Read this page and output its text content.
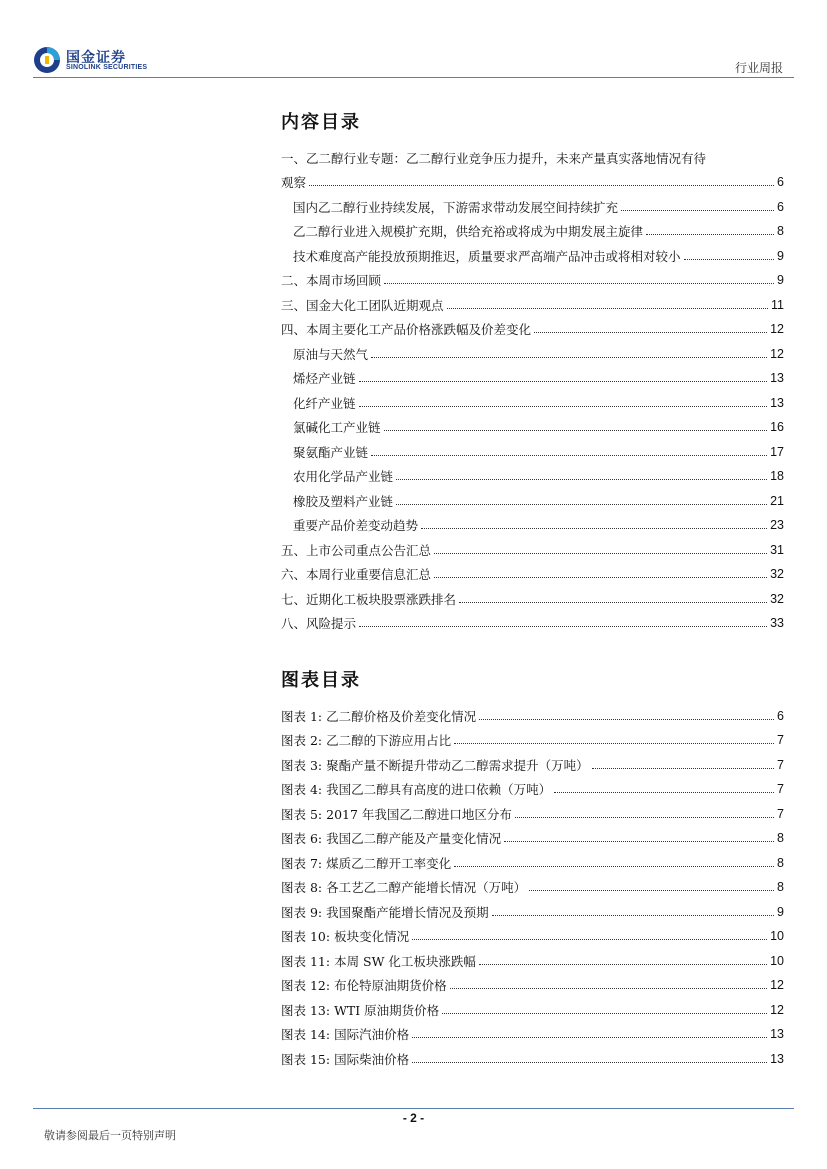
国金证券
SINOLINK SECURITIES	行业周报
内容目录
一、乙二醇行业专题：乙二醇行业竞争压力提升，未来产量真实落地情况有待
观察	6
国内乙二醇行业持续发展，下游需求带动发展空间持续扩充	6
乙二醇行业进入规模扩充期，供给充裕或将成为中期发展主旋律	8
技术难度高产能投放预期推迟，质量要求严高端产品冲击或将相对较小	9
二、本周市场回顾	9
三、国金大化工团队近期观点	11
四、本周主要化工产品价格涨跌幅及价差变化	12
原油与天然气	12
烯烃产业链	13
化纤产业链	13
氯碱化工产业链	16
聚氨酯产业链	17
农用化学品产业链	18
橡胶及塑料产业链	21
重要产品价差变动趋势	23
五、上市公司重点公告汇总	31
六、本周行业重要信息汇总	32
七、近期化工板块股票涨跌排名	32
八、风险提示	33
图表目录
图表 1: 乙二醇价格及价差变化情况	6
图表 2: 乙二醇的下游应用占比	7
图表 3: 聚酯产量不断提升带动乙二醇需求提升（万吨）	7
图表 4: 我国乙二醇具有高度的进口依赖（万吨）	7
图表 5: 2017 年我国乙二醇进口地区分布	7
图表 6: 我国乙二醇产能及产量变化情况	8
图表 7: 煤质乙二醇开工率变化	8
图表 8: 各工艺乙二醇产能增长情况（万吨）	8
图表 9: 我国聚酯产能增长情况及预期	9
图表 10: 板块变化情况	10
图表 11: 本周 SW 化工板块涨跌幅	10
图表 12: 布伦特原油期货价格	12
图表 13: WTI 原油期货价格	12
图表 14: 国际汽油价格	13
图表 15: 国际柴油价格	13
- 2 -
敬请参阅最后一页特别声明
